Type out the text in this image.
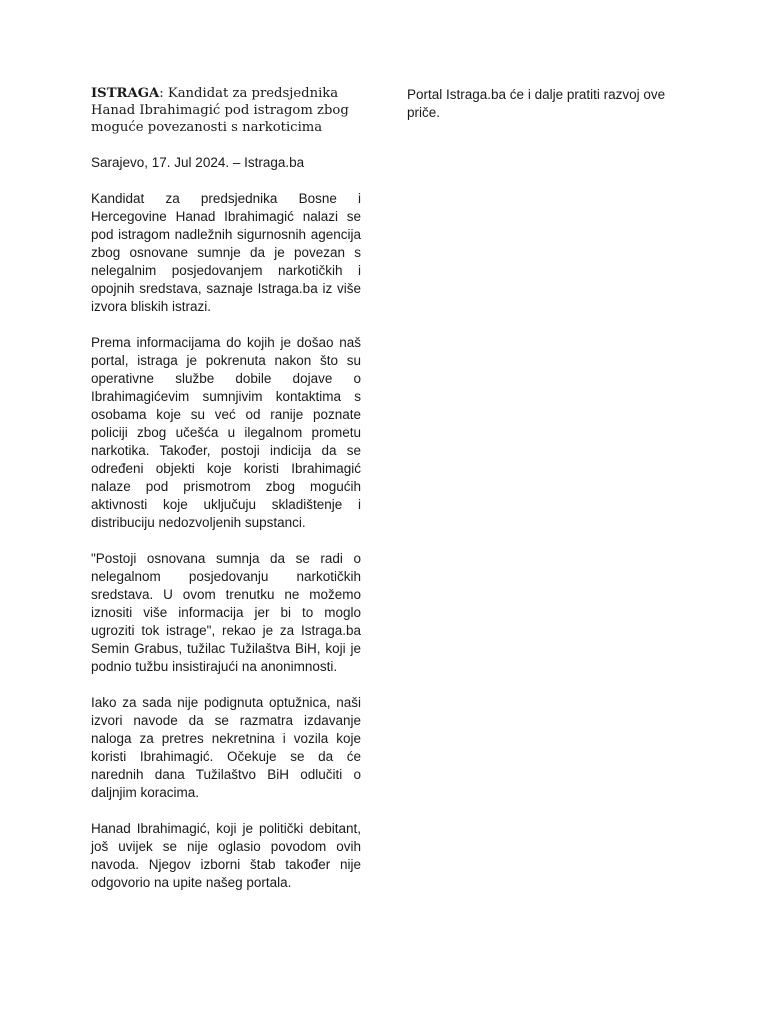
ISTRAGA: Kandidat za predsjednika Hanad Ibrahimagić pod istragom zbog moguće povezanosti s narkoticima

Sarajevo, 17. Jul 2024. – Istraga.ba

Kandidat za predsjednika Bosne i Hercegovine Hanad Ibrahimagić nalazi se pod istragom nadležnih sigurnosnih agencija zbog osnovane sumnje da je povezan s nelegalnim posjedovanjem narkotičkih i opojnih sredstava, saznaje Istraga.ba iz više izvora bliskih istrazi.

Prema informacijama do kojih je došao naš portal, istraga je pokrenuta nakon što su operativne službe dobile dojave o Ibrahimagićevim sumnjivim kontaktima s osobama koje su već od ranije poznate policiji zbog učešća u ilegalnom prometu narkotika. Također, postoji indicija da se određeni objekti koje koristi Ibrahimagić nalaze pod prismotrom zbog mogućih aktivnosti koje uključuju skladištenje i distribuciju nedozvoljenih supstanci.

"Postoji osnovana sumnja da se radi o nelegalnom posjedovanju narkotičkih sredstava. U ovom trenutku ne možemo iznositi više informacija jer bi to moglo ugroziti tok istrage", rekao je za Istraga.ba Semin Grabus, tužilac Tužilaštva BiH, koji je podnio tužbu insistirajući na anonimnosti.

Iako za sada nije podignuta optužnica, naši izvori navode da se razmatra izdavanje naloga za pretres nekretnina i vozila koje koristi Ibrahimagić. Očekuje se da će narednih dana Tužilaštvo BiH odlučiti o daljnjim koracima.

Hanad Ibrahimagić, koji je politički debitant, još uvijek se nije oglasio povodom ovih navoda. Njegov izborni štab također nije odgovorio na upite našeg portala.

Portal Istraga.ba će i dalje pratiti razvoj ove priče.
